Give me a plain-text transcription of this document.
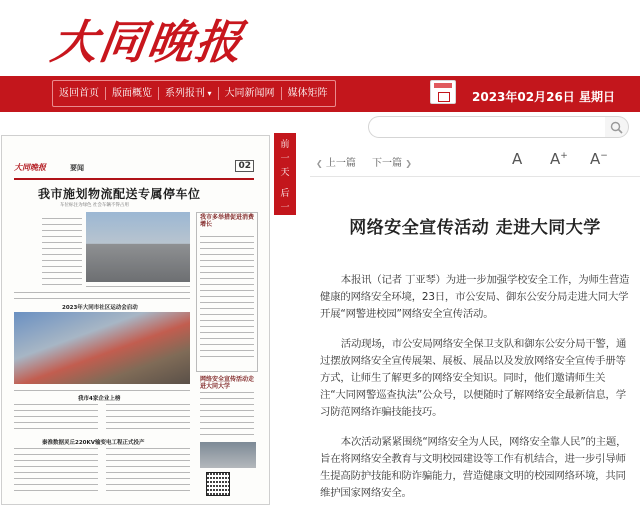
大同晚报
返回首页	版面概览	系列报刊 ▾	大同新闻网	媒体矩阵	2023年02月26日 星期日
大同晚报	要闻	02
我市施划物流配送专属停车位
车位标注为绿色 社会车辆不得占用
我市多举措促进消费增长
2023年大同市社区运动会启动
网络安全宣传活动走进大同大学
我市4家企业上榜
秦淮数据灵丘220KV输变电工程正式投产
前一天
后一天
❮ 上一篇 下一篇 ❯	A A+ A−
网络安全宣传活动 走进大同大学

本报讯（记者 丁亚琴）为进一步加强学校安全工作，为师生营造健康的网络安全环境，23日，市公安局、御东公安分局走进大同大学开展“网警进校园”网络安全宣传活动。

活动现场，市公安局网络安全保卫支队和御东公安分局干警，通过摆放网络安全宣传展架、展板、展品以及发放网络安全宣传手册等方式，让师生了解更多的网络安全知识。同时，他们邀请师生关注“大同网警巡查执法”公众号，以便随时了解网络安全最新信息，学习防范网络诈骗技能技巧。

本次活动紧紧围绕“网络安全为人民，网络安全靠人民”的主题，旨在将网络安全教育与文明校园建设等工作有机结合，进一步引导师生提高防护技能和防诈骗能力，营造健康文明的校园网络环境，共同维护国家网络安全。
